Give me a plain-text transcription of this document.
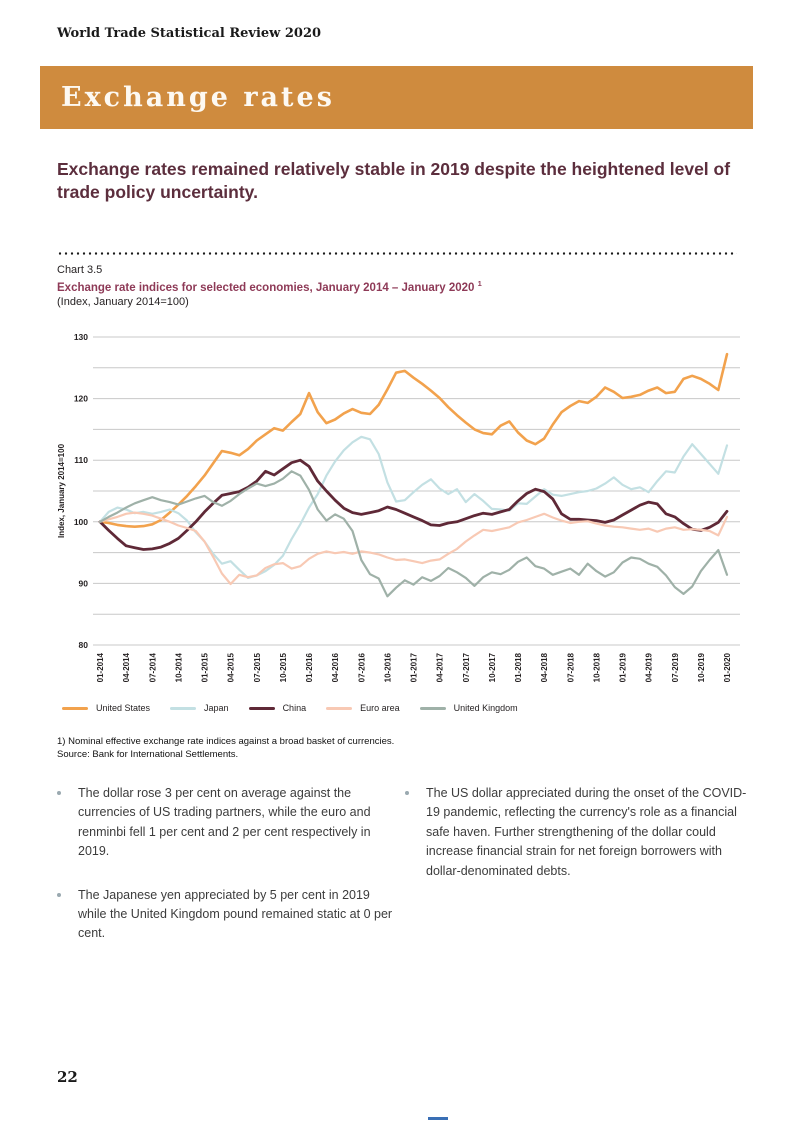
World Trade Statistical Review 2020
Exchange rates
Exchange rates remained relatively stable in 2019 despite the heightened level of trade policy uncertainty.
Chart 3.5
Exchange rate indices for selected economies, January 2014 – January 2020 $^1$
(Index, January 2014=100)
80
90
100
110
120
130
Index, January 2014=100
01-2014 04-2014 07-2014 10-2014 01-2015 04-2015 07-2015 10-2015 01-2016 04-2016 07-2016 10-2016 01-2017 04-2017 07-2017 10-2017 01-2018 04-2018 07-2018 10-2018 01-2019 04-2019 07-2019 10-2019 01-2020
United States	Japan	China	Euro area	United Kingdom
1) Nominal effective exchange rate indices against a broad basket of currencies.
Source: Bank for International Settlements.
The dollar rose 3 per cent on average against the currencies of US trading partners, while the euro and renminbi fell 1 per cent and 2 per cent respectively in 2019.
The Japanese yen appreciated by 5 per cent in 2019 while the United Kingdom pound remained static at 0 per cent.
The US dollar appreciated during the onset of the COVID-19 pandemic, reflecting the currency's role as a financial safe haven. Further strengthening of the dollar could increase financial strain for net foreign borrowers with dollar-denominated debts.
22
